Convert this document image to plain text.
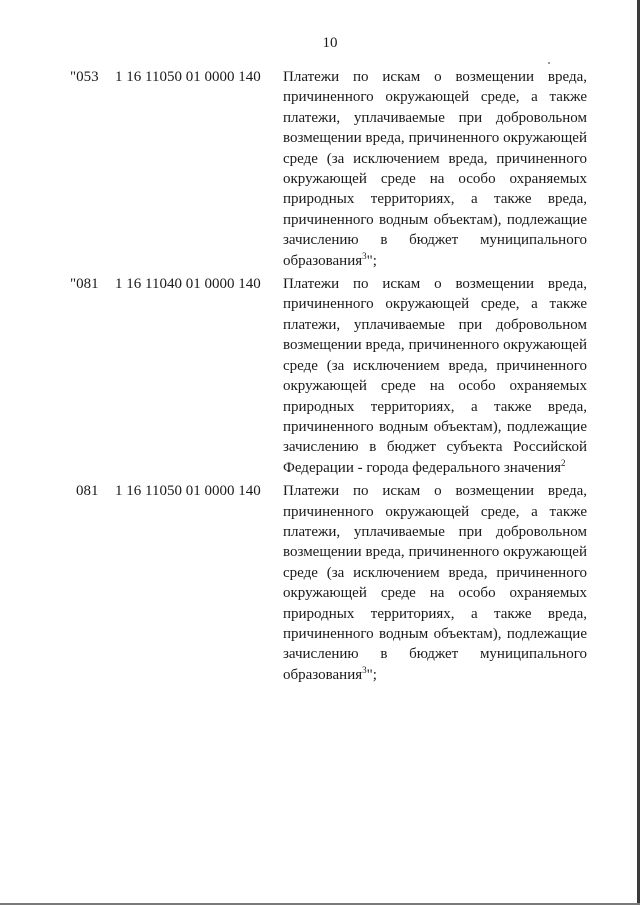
10
"053 1 16 11050 01 0000 140 Платежи по искам о возмещении вреда, причиненного окружающей среде, а также платежи, уплачиваемые при добровольном возмещении вреда, причиненного окружающей среде (за исключением вреда, причиненного окружающей среде на особо охраняемых природных территориях, а также вреда, причиненного водным объектам), подлежащие зачислению в бюджет муниципального образования$^3$";
"081 1 16 11040 01 0000 140 Платежи по искам о возмещении вреда, причиненного окружающей среде, а также платежи, уплачиваемые при добровольном возмещении вреда, причиненного окружающей среде (за исключением вреда, причиненного окружающей среде на особо охраняемых природных территориях, а также вреда, причиненного водным объектам), подлежащие зачислению в бюджет субъекта Российской Федерации - города федерального значения$^2$
081 1 16 11050 01 0000 140 Платежи по искам о возмещении вреда, причиненного окружающей среде, а также платежи, уплачиваемые при добровольном возмещении вреда, причиненного окружающей среде (за исключением вреда, причиненного окружающей среде на особо охраняемых природных территориях, а также вреда, причиненного водным объектам), подлежащие зачислению в бюджет муниципального образования$^3$";
